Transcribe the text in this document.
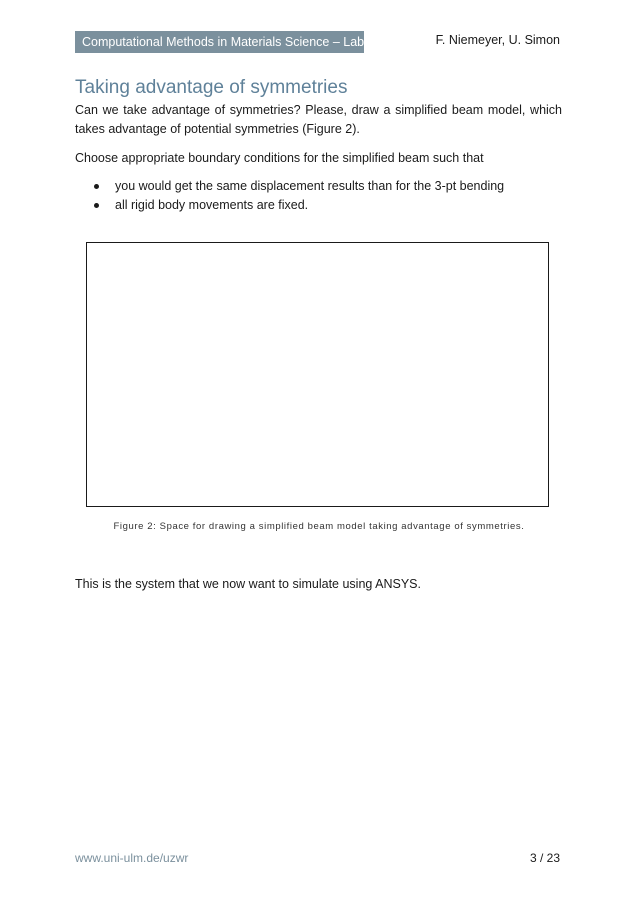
Computational Methods in Materials Science – Lab 1	F. Niemeyer, U. Simon
Taking advantage of symmetries

Can we take advantage of symmetries? Please, draw a simplified beam model, which takes advantage of potential symmetries (Figure 2).

Choose appropriate boundary conditions for the simplified beam such that

you would get the same displacement results than for the 3-pt bending
all rigid body movements are fixed.
Figure 2: Space for drawing a simplified beam model taking advantage of symmetries.

This is the system that we now want to simulate using ANSYS.

www.uni-ulm.de/uzwr	3 / 23
